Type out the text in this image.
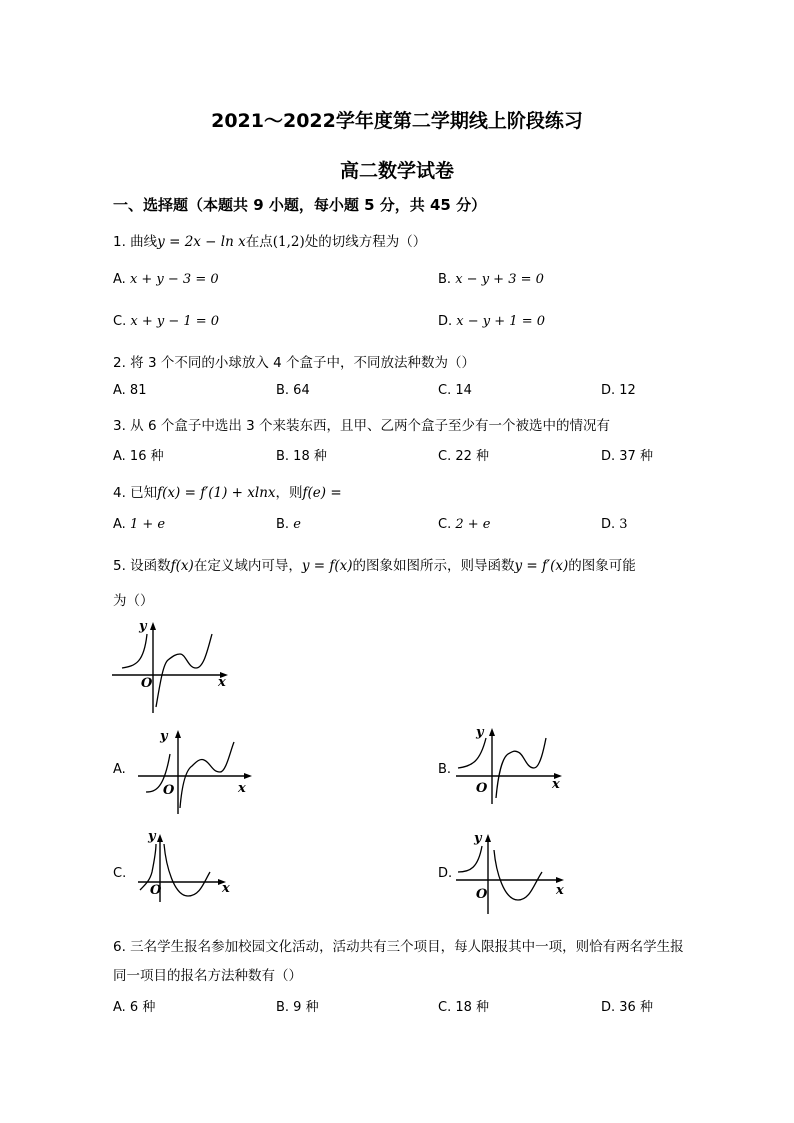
2021～2022学年度第二学期线上阶段练习
高二数学试卷
一、选择题（本题共 9 小题，每小题 5 分，共 45 分）
1. 曲线y = 2x − ln x在点(1,2)处的切线方程为（）
A. x + y − 3 = 0	B. x − y + 3 = 0
C. x + y − 1 = 0	D. x − y + 1 = 0
2. 将 3 个不同的小球放入 4 个盒子中，不同放法种数为（）
A. 81	B. 64	C. 14	D. 12
3. 从 6 个盒子中选出 3 个来装东西，且甲、乙两个盒子至少有一个被选中的情况有
A. 16 种	B. 18 种	C. 22 种	D. 37 种
4. 已知f(x) = f′(1) + xlnx，则f(e) =
A. 1 + e	B. e	C. 2 + e	D. 3
5. 设函数f(x)在定义域内可导，y = f(x)的图象如图所示，则导函数y = f′(x)的图象可能
为（）
y
O	x
A.
y
O	x
B.
y
O	x
C.
y
O	x
D.
y
O	x
6. 三名学生报名参加校园文化活动，活动共有三个项目，每人限报其中一项，则恰有两名学生报
同一项目的报名方法种数有（）
A. 6 种	B. 9 种	C. 18 种	D. 36 种
